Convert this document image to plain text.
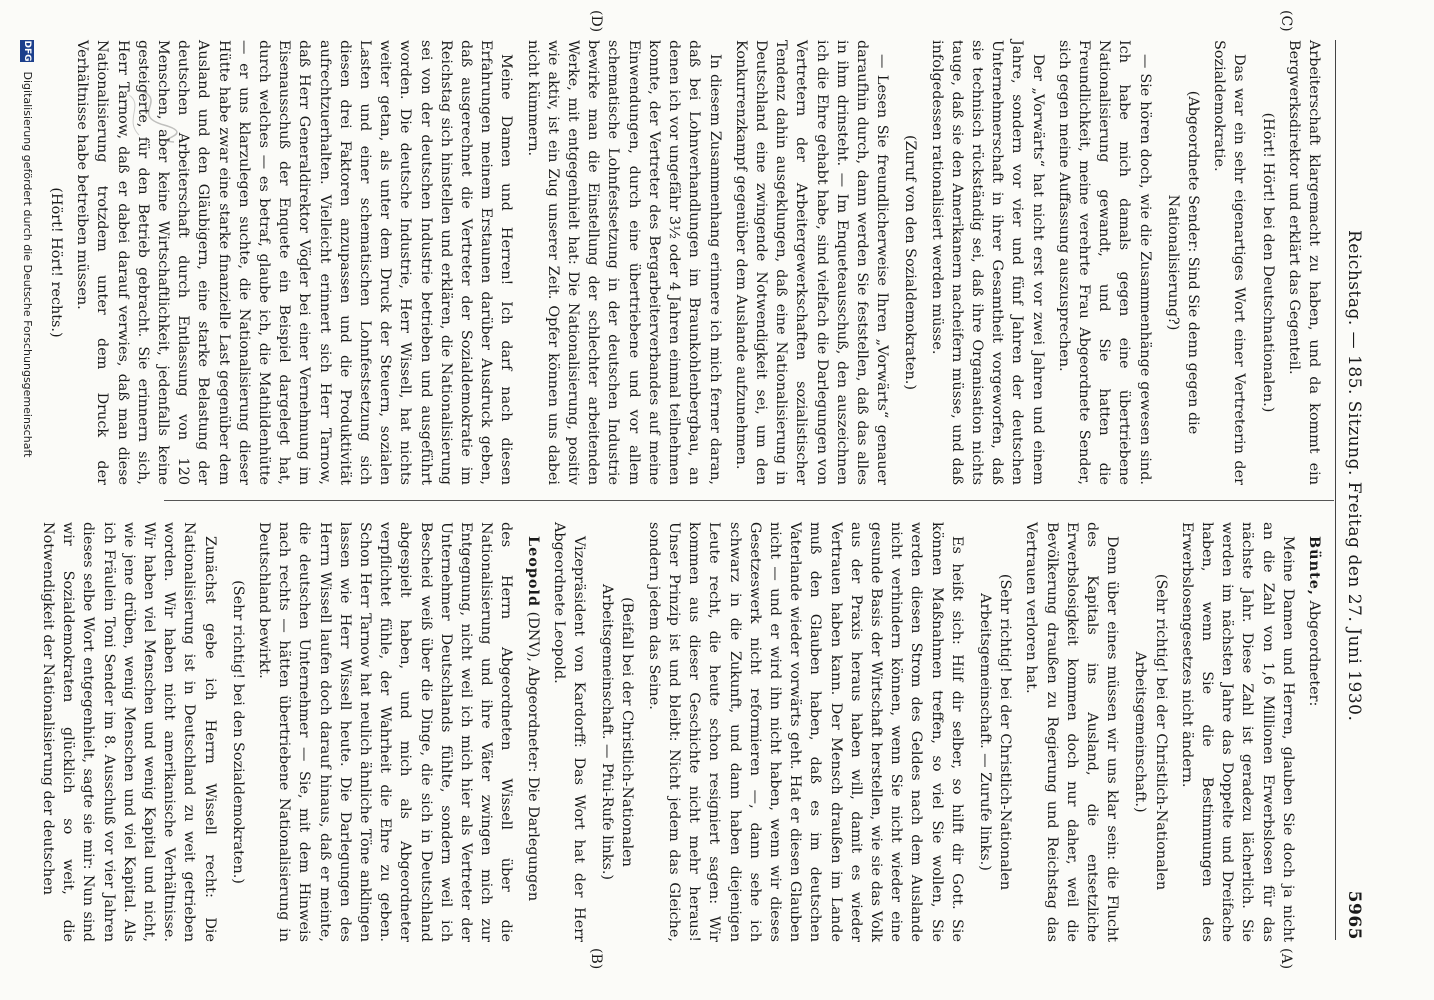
Reichstag. — 185. Sitzung. Freitag den 27. Juni 1930.
5965
(A)
(B)
(C)
(D)

Bünte, Abgeordneter:

Meine Damen und Herren, glauben Sie doch ja nicht an die Zahl von 1,6 Millionen Erwerbslosen für das nächste Jahr. Diese Zahl ist geradezu lächerlich. Sie werden im nächsten Jahre das Doppelte und Dreifache haben, wenn Sie die Bestimmungen des Erwerbslosengesetzes nicht ändern.

(Sehr richtig! bei der Christlich-Nationalen Arbeitsgemeinschaft.)

Denn über eines müssen wir uns klar sein: die Flucht des Kapitals ins Ausland, die entsetzliche Erwerbslosigkeit kommen doch nur daher, weil die Bevölkerung draußen zu Regierung und Reichstag das Vertrauen verloren hat.

(Sehr richtig! bei der Christlich-Nationalen Arbeitsgemeinschaft. — Zurufe links.)

Es heißt sich: Hilf dir selber, so hilft dir Gott. Sie können Maßnahmen treffen, so viel Sie wollen, Sie werden diesen Strom des Geldes nach dem Auslande nicht verhindern können, wenn Sie nicht wieder eine gesunde Basis der Wirtschaft herstellen, wie sie das Volk aus der Praxis heraus haben will, damit es wieder Vertrauen haben kann. Der Mensch draußen im Lande muß den Glauben haben, daß es im deutschen Vaterlande wieder vorwärts geht. Hat er diesen Glauben nicht — und er wird ihn nicht haben, wenn wir dieses Gesetzeswerk nicht reformieren —, dann sehe ich schwarz in die Zukunft, und dann haben diejenigen Leute recht, die heute schon resigniert sagen: Wir kommen aus dieser Geschichte nicht mehr heraus! Unser Prinzip ist und bleibt: Nicht jedem das Gleiche, sondern jedem das Seine.

(Beifall bei der Christlich-Nationalen Arbeitsgemeinschaft. — Pfui-Rufe links.)

Vizepräsident von Kardorff: Das Wort hat der Herr Abgeordnete Leopold.

Leopold (DNV), Abgeordneter: Die Darlegungen

des Herrn Abgeordneten Wissell über die Nationalisierung und ihre Väter zwingen mich zur Entgegnung, nicht weil ich mich hier als Vertreter der Unternehmer Deutschlands fühlte, sondern weil ich Bescheid weiß über die Dinge, die sich in Deutschland abgespielt haben, und mich als Abgeordneter verpflichtet fühle, der Wahrheit die Ehre zu geben. Schon Herr Tarnow hat neulich ähnliche Töne anklingen lassen wie Herr Wissell heute. Die Darlegungen des Herrn Wissell laufen doch darauf hinaus, daß er meinte, die deutschen Unternehmer — Sie, mit dem Hinweis nach rechts — hätten übertriebene Nationalisierung in Deutschland bewirkt.

(Sehr richtig! bei den Sozialdemokraten.)

Zunächst gebe ich Herrn Wissell recht: Die Nationalisierung ist in Deutschland zu weit getrieben worden. Wir haben nicht amerikanische Verhältnisse. Wir haben viel Menschen und wenig Kapital und nicht, wie jene drüben, wenig Menschen und viel Kapital. Als ich Fräulein Toni Sender im 8. Ausschuß vor vier Jahren dieses selbe Wort entgegenhielt, sagte sie mir: Nun sind wir Sozialdemokraten glücklich so weit, die Notwendigkeit der Nationalisierung der deutschen

Arbeiterschaft klargemacht zu haben, und da kommt ein Bergwerksdirektor und erklärt das Gegenteil.

(Hört! Hört! bei den Deutschnationalen.)

Das war ein sehr eigenartiges Wort einer Vertreterin der Sozialdemokratie.

(Abgeordnete Sender: Sind Sie denn gegen die Nationalisierung?)

— Sie hören doch, wie die Zusammenhänge gewesen sind. Ich habe mich damals gegen eine übertriebene Nationalisierung gewandt, und Sie hatten die Freundlichkeit, meine verehrte Frau Abgeordnete Sender, sich gegen meine Auffassung auszusprechen.

Der „Vorwärts“ hat nicht erst vor zwei Jahren und einem Jahre, sondern vor vier und fünf Jahren der deutschen Unternehmerschaft in ihrer Gesamtheit vorgeworfen, daß sie technisch rückständig sei, daß ihre Organisation nichts tauge, daß sie den Amerikanern nacheifern müsse, und daß infolgedessen rationalisiert werden müsse.

(Zuruf von den Sozialdemokraten.)

— Lesen Sie freundlicherweise Ihren „Vorwärts“ genauer daraufhin durch, dann werden Sie feststellen, daß das alles in ihm drinsteht. — Im Enqueteausschuß, den auszeichnen ich die Ehre gehabt habe, sind vielfach die Darlegungen von Vertretern der Arbeitergewerkschaften sozialistischer Tendenz dahin ausgeklungen, daß eine Nationalisierung in Deutschland eine zwingende Notwendigkeit sei, um den Konkurrenzkampf gegenüber dem Auslande aufzunehmen.

In diesem Zusammenhang erinnere ich mich ferner daran, daß bei Lohnverhandlungen im Braunkohlenbergbau, an denen ich vor ungefähr 3½ oder 4 Jahren einmal teilnehmen konnte, der Vertreter des Bergarbeiterverbandes auf meine Einwendungen, durch eine übertriebene und vor allem schematische Lohnfestsetzung in der deutschen Industrie bewirke man die Einstellung der schlechter arbeitenden Werke, mit entgegenhielt hat: Die Nationalisierung, positiv wie aktiv, ist ein Zug unserer Zeit. Opfer können uns dabei nicht kümmern.

Meine Damen und Herren! Ich darf nach diesen Erfahrungen meinem Erstaunen darüber Ausdruck geben, daß ausgerechnet die Vertreter der Sozialdemokratie im Reichstag sich hinstellen und erklären, die Nationalisierung sei von der deutschen Industrie betrieben und ausgeführt worden. Die deutsche Industrie, Herr Wissell, hat nichts weiter getan, als unter dem Druck der Steuern, sozialen Lasten und einer schematischen Lohnfestsetzung sich diesen drei Faktoren anzupassen und die Produktivität aufrechtzuerhalten. Vielleicht erinnert sich Herr Tarnow, daß Herr Generaldirektor Vögler bei einer Vernehmung im Eisenausschuß der Enquete ein Beispiel dargelegt hat, durch welches — es betraf, glaube ich, die Mathildenhütte — er uns klarzulegen suchte, die Nationalisierung dieser Hütte habe zwar eine starke finanzielle Last gegenüber dem Ausland und den Gläubigern, eine starke Belastung der deutschen Arbeiterschaft durch Entlassung von 120 Menschen, aber keine Wirtschaftlichkeit, jedenfalls keine gesteigerte, für den Betrieb gebracht. Sie erinnern sich, Herr Tarnow, daß er dabei darauf verwies, daß man diese Nationalisierung trotzdem unter dem Druck der Verhältnisse habe betreiben müssen.

(Hört! Hört! rechts.)

DFG Digitalisierung gefördert durch die Deutsche Forschungsgemeinschaft
